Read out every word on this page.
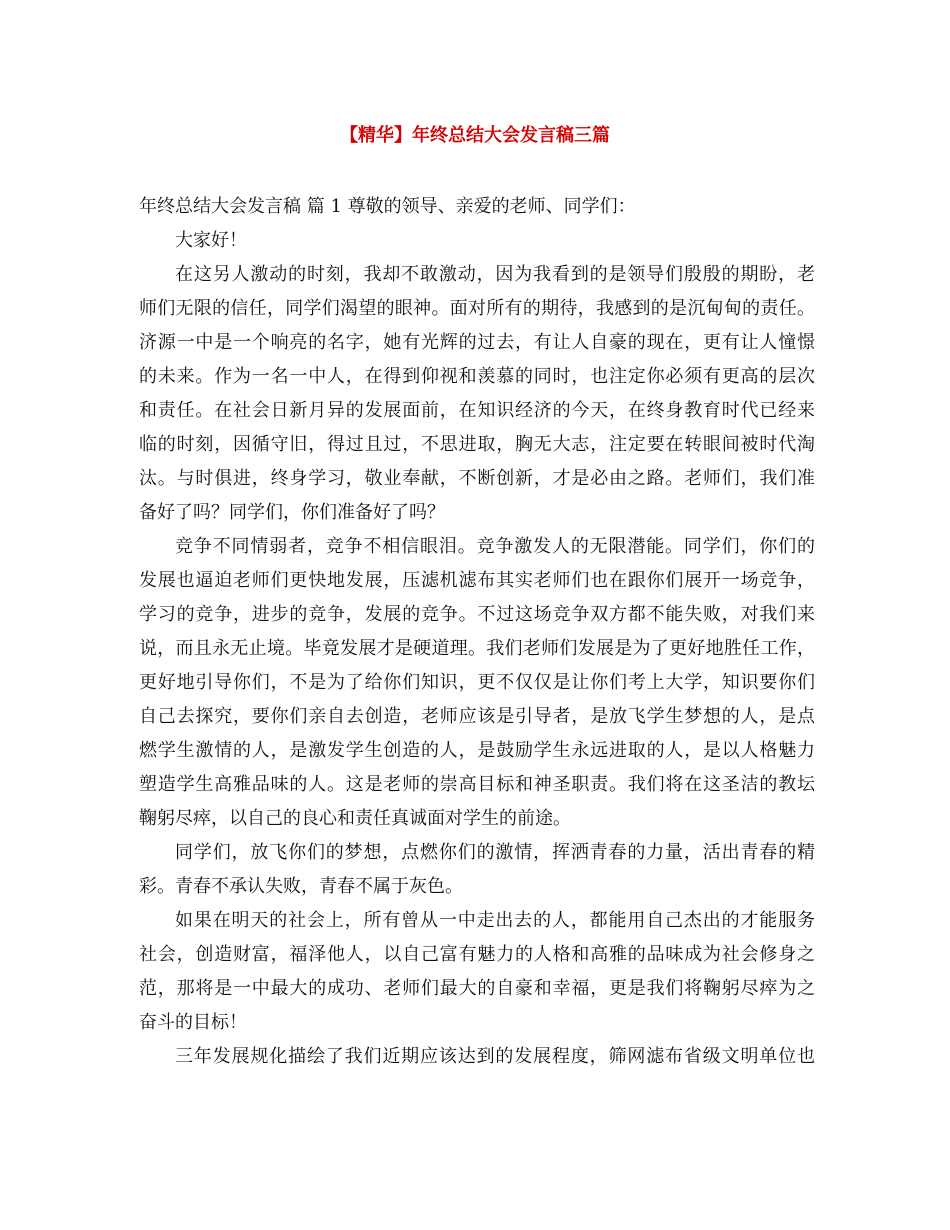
【精华】年终总结大会发言稿三篇
年终总结大会发言稿 篇 1 尊敬的领导、亲爱的老师、同学们：
大家好！
在这另人激动的时刻，我却不敢激动，因为我看到的是领导们殷殷的期盼，老
师们无限的信任，同学们渴望的眼神。面对所有的期待，我感到的是沉甸甸的责任。
济源一中是一个响亮的名字，她有光辉的过去，有让人自豪的现在，更有让人憧憬
的未来。作为一名一中人，在得到仰视和羡慕的同时，也注定你必须有更高的层次
和责任。在社会日新月异的发展面前，在知识经济的今天，在终身教育时代已经来
临的时刻，因循守旧，得过且过，不思进取，胸无大志，注定要在转眼间被时代淘
汰。与时俱进，终身学习，敬业奉献，不断创新，才是必由之路。老师们，我们准
备好了吗？同学们，你们准备好了吗？
竞争不同情弱者，竞争不相信眼泪。竞争激发人的无限潜能。同学们，你们的
发展也逼迫老师们更快地发展，压滤机滤布其实老师们也在跟你们展开一场竞争，
学习的竞争，进步的竞争，发展的竞争。不过这场竞争双方都不能失败，对我们来
说，而且永无止境。毕竟发展才是硬道理。我们老师们发展是为了更好地胜任工作，
更好地引导你们，不是为了给你们知识，更不仅仅是让你们考上大学，知识要你们
自己去探究，要你们亲自去创造，老师应该是引导者，是放飞学生梦想的人，是点
燃学生激情的人，是激发学生创造的人，是鼓励学生永远进取的人，是以人格魅力
塑造学生高雅品味的人。这是老师的崇高目标和神圣职责。我们将在这圣洁的教坛
鞠躬尽瘁，以自己的良心和责任真诚面对学生的前途。
同学们，放飞你们的梦想，点燃你们的激情，挥洒青春的力量，活出青春的精
彩。青春不承认失败，青春不属于灰色。
如果在明天的社会上，所有曾从一中走出去的人，都能用自己杰出的才能服务
社会，创造财富，福泽他人，以自己富有魅力的人格和高雅的品味成为社会修身之
范，那将是一中最大的成功、老师们最大的自豪和幸福，更是我们将鞠躬尽瘁为之
奋斗的目标！
三年发展规化描绘了我们近期应该达到的发展程度，筛网滤布省级文明单位也
